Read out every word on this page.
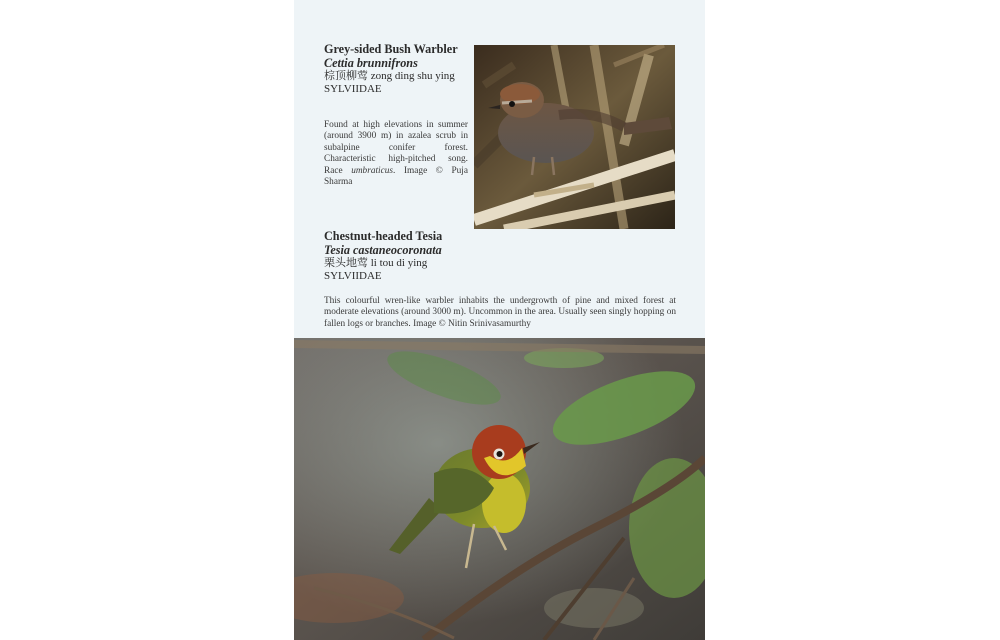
Grey-sided Bush Warbler
Cettia brunnifrons
棕顶柳莺 zong ding shu ying
SYLVIIDAE
Found at high elevations in summer (around 3900 m) in azalea scrub in subalpine conifer forest. Characteristic high-pitched song. Race umbraticus. Image © Puja Sharma
Chestnut-headed Tesia
Tesia castaneocoronata
栗头地莺 li tou di ying
SYLVIIDAE
This colourful wren-like warbler inhabits the undergrowth of pine and mixed forest at moderate elevations (around 3000 m). Uncommon in the area. Usually seen singly hopping on fallen logs or branches. Image © Nitin Srinivasamurthy
